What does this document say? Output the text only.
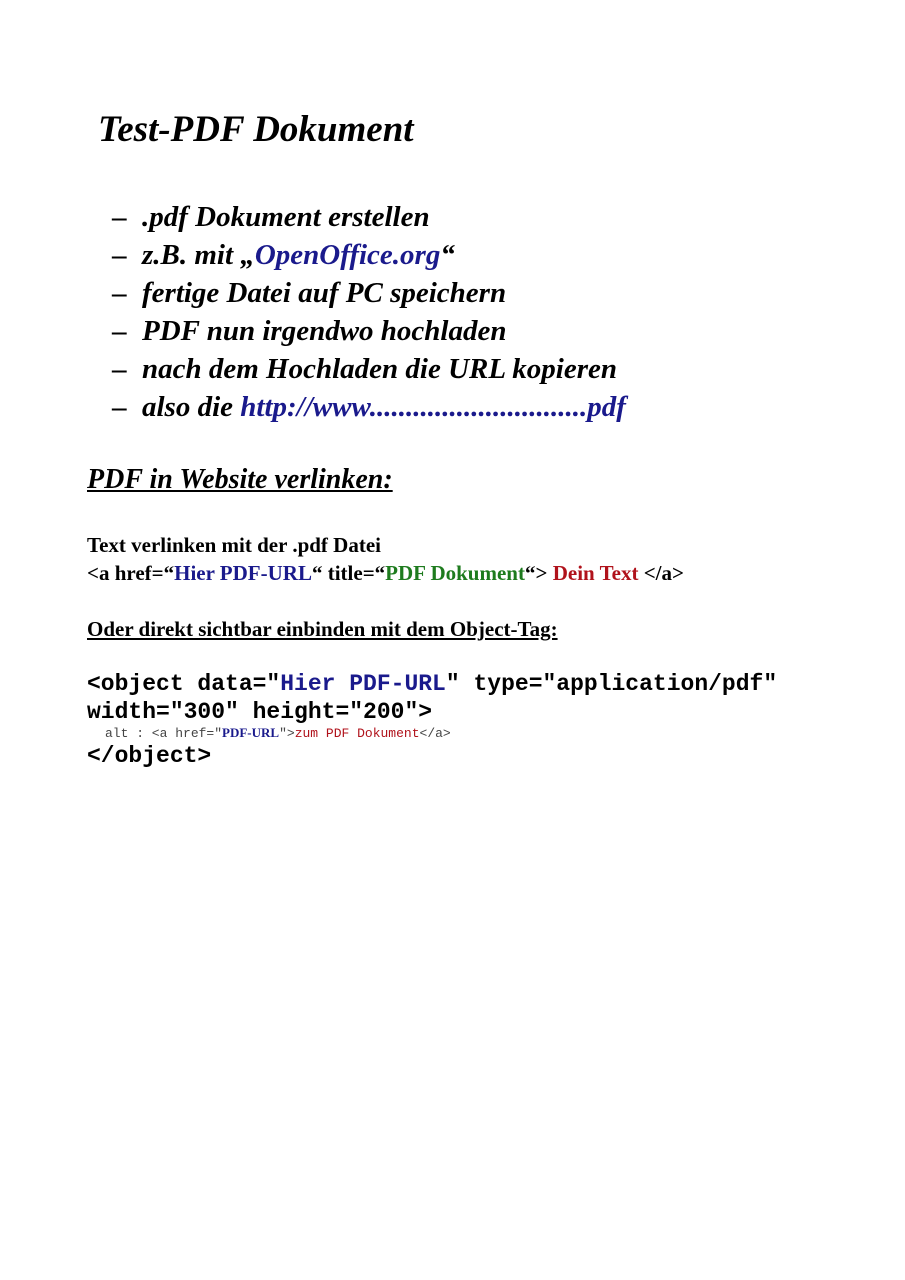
Test-PDF Dokument
– .pdf Dokument erstellen
– z.B. mit „OpenOffice.org“
– fertige Datei auf PC speichern
– PDF nun irgendwo hochladen
– nach dem Hochladen die URL kopieren
– also die http://www..............................pdf
PDF in Website verlinken:
Text verlinken mit der .pdf Datei
<a href=“Hier PDF-URL“ title=“PDF Dokument“> Dein Text </a>
Oder direkt sichtbar einbinden mit dem Object-Tag:
<object data="Hier PDF-URL" type="application/pdf"
width="300" height="200">
alt : <a href="PDF-URL">zum PDF Dokument</a>
</object>
